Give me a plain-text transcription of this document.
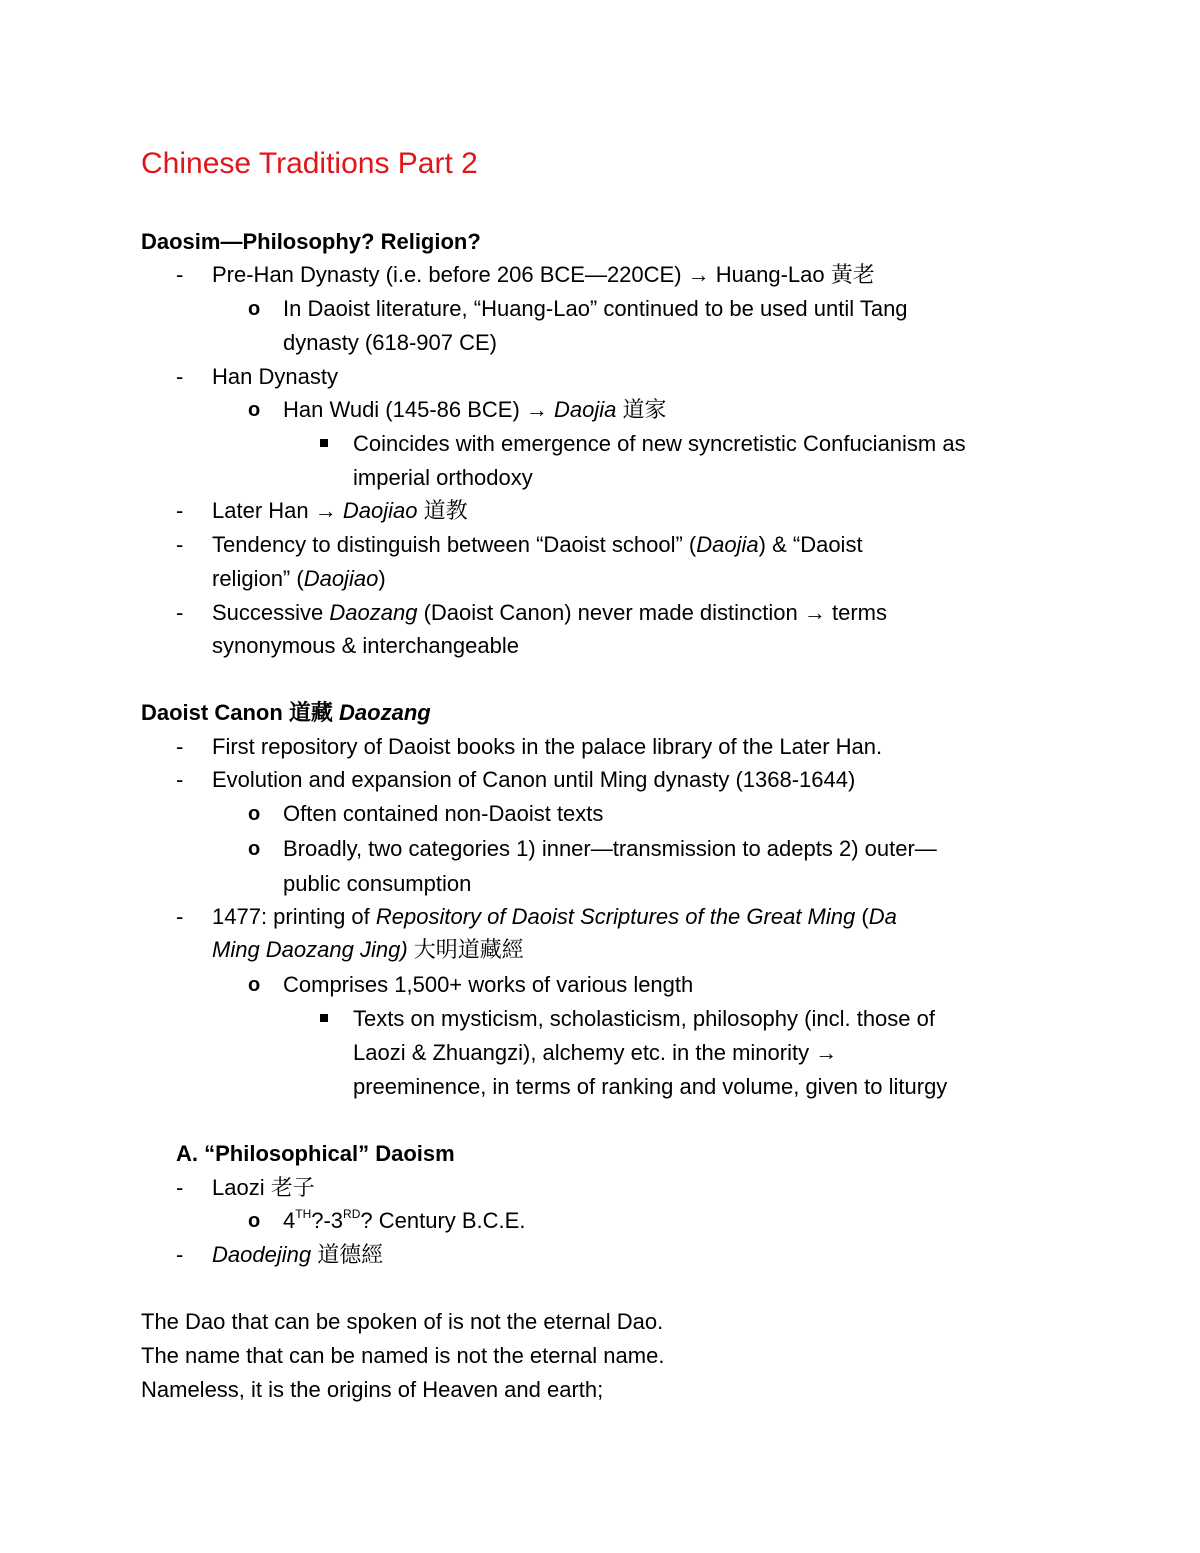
Chinese Traditions Part 2
Daosim—Philosophy? Religion?
- Pre-Han Dynasty (i.e. before 206 BCE—220CE) → Huang-Lao 黃老
o In Daoist literature, “Huang-Lao” continued to be used until Tang
dynasty (618-907 CE)
- Han Dynasty
o Han Wudi (145-86 BCE) → Daojia 道家
Coincides with emergence of new syncretistic Confucianism as
imperial orthodoxy
- Later Han → Daojiao 道教
- Tendency to distinguish between “Daoist school” (Daojia) & “Daoist
religion” (Daojiao)
- Successive Daozang (Daoist Canon) never made distinction → terms
synonymous & interchangeable
Daoist Canon 道藏 Daozang
- First repository of Daoist books in the palace library of the Later Han.
- Evolution and expansion of Canon until Ming dynasty (1368-1644)
o Often contained non-Daoist texts
o Broadly, two categories 1) inner—transmission to adepts 2) outer—
public consumption
- 1477: printing of Repository of Daoist Scriptures of the Great Ming (Da
Ming Daozang Jing) 大明道藏經
o Comprises 1,500+ works of various length
Texts on mysticism, scholasticism, philosophy (incl. those of
Laozi & Zhuangzi), alchemy etc. in the minority →
preeminence, in terms of ranking and volume, given to liturgy
A. “Philosophical” Daoism
- Laozi 老子
o 4TH?-3RD? Century B.C.E.
- Daodejing 道德經
The Dao that can be spoken of is not the eternal Dao.
The name that can be named is not the eternal name.
Nameless, it is the origins of Heaven and earth;
